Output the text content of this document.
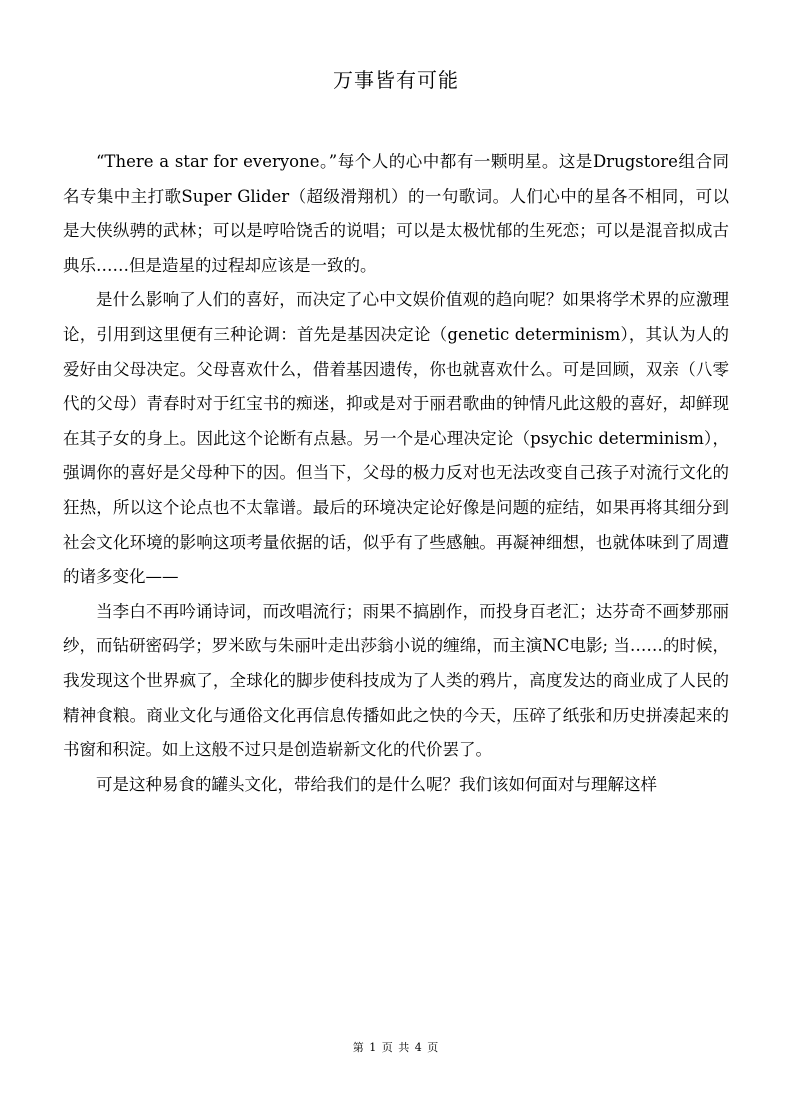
万事皆有可能

“There a star for everyone。”每个人的心中都有一颗明星。这是Drugstore组合同名专集中主打歌Super Glider（超级滑翔机）的一句歌词。人们心中的星各不相同，可以是大侠纵骋的武林；可以是哼哈饶舌的说唱；可以是太极忧郁的生死恋；可以是混音拟成古典乐……但是造星的过程却应该是一致的。

是什么影响了人们的喜好，而决定了心中文娱价值观的趋向呢？如果将学术界的应激理论，引用到这里便有三种论调：首先是基因决定论（genetic determinism），其认为人的爱好由父母决定。父母喜欢什么，借着基因遗传，你也就喜欢什么。可是回顾，双亲（八零代的父母）青春时对于红宝书的痴迷，抑或是对于丽君歌曲的钟情凡此这般的喜好，却鲜现在其子女的身上。因此这个论断有点悬。另一个是心理决定论（psychic determinism），强调你的喜好是父母种下的因。但当下，父母的极力反对也无法改变自己孩子对流行文化的狂热，所以这个论点也不太靠谱。最后的环境决定论好像是问题的症结，如果再将其细分到社会文化环境的影响这项考量依据的话，似乎有了些感触。再凝神细想，也就体味到了周遭的诸多变化——

当李白不再吟诵诗词，而改唱流行；雨果不搞剧作，而投身百老汇；达芬奇不画梦那丽纱，而钻研密码学；罗米欧与朱丽叶走出莎翁小说的缠绵，而主演NC电影; 当……的时候，我发现这个世界疯了，全球化的脚步使科技成为了人类的鸦片，高度发达的商业成了人民的精神食粮。商业文化与通俗文化再信息传播如此之快的今天，压碎了纸张和历史拼凑起来的书窗和积淀。如上这般不过只是创造崭新文化的代价罢了。

可是这种易食的罐头文化，带给我们的是什么呢？我们该如何面对与理解这样

第 1 页 共 4 页
